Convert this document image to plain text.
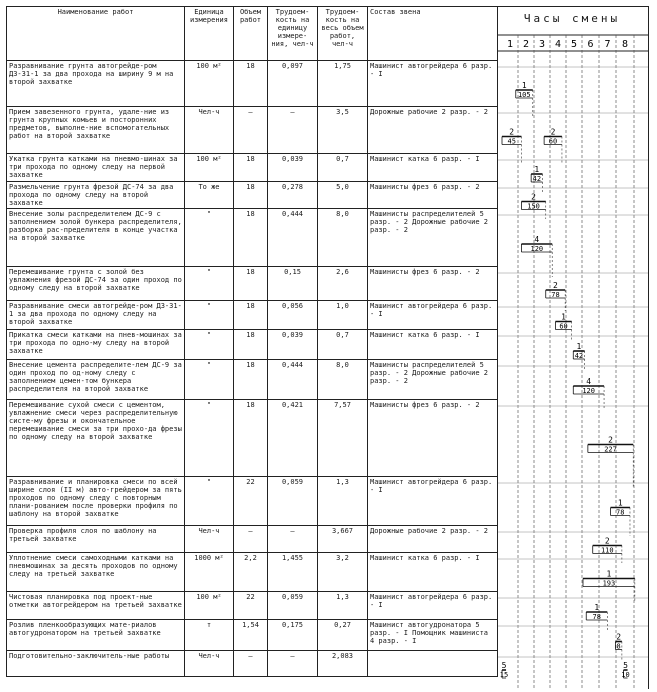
Наименование работ	Единица измерения	Объем работ	Трудоем-кость на единицу измере-ния, чел-ч	Трудоем-кость на весь объем работ, чел-ч	Состав звена
Разравнивание грунта автогрейде-ром ДЗ-31-1 за два прохода на ширину 9 м на второй захватке	100 м²	18	0,097	1,75	Машинист автогрейдера 6 разр. - I
Прием завезенного грунта, удале-ние из грунта крупных комьев и посторонних предметов, выполне-ние вспомогательных работ на второй захватке	Чел-ч	—	—	3,5	Дорожные рабочие 2 разр. - 2
Укатка грунта катками на пневмо-шинах за три прохода по одному следу на первой захватке	100 м²	18	0,039	0,7	Машинист катка 6 разр. - I
Размельчение грунта фрезой ДС-74 за два прохода по одному следу на второй захватке	То же	18	0,278	5,0	Машинисты фрез 6 разр. - 2
Внесение золы распределителем ДС-9 с заполнением золой бункера распределителя, разборка рас-пределителя в конце участка на второй захватке	"	18	0,444	8,0	Машинисты распределителей 5 разр. - 2 Дорожные рабочие 2 разр. - 2
Перемешивание грунта с золой без увлажнения фрезой ДС-74 за один проход по одному следу на второй захватке	"	18	0,15	2,6	Машинисты фрез 6 разр. - 2
Разравнивание смеси автогрейде-ром ДЗ-31-1 за два прохода по одному следу на второй захватке	"	18	0,056	1,0	Машинист автогрейдера 6 разр. - I
Прикатка смеси катками на пнев-мошинах за три прохода по одно-му следу на второй захватке	"	18	0,039	0,7	Машинист катка 6 разр. - I
Внесение цемента распределите-лем ДС-9 за один проход по од-ному следу с заполнением цемен-том бункера распределителя на второй захватке	"	18	0,444	8,0	Машинисты распределителей 5 разр. - 2 Дорожные рабочие 2 разр. - 2
Перемешивание сухой смеси с цементом, увлажнение смеси через распределительную систе-му фрезы и окончательное перемешивание смеси за три прохо-да фрезы по одному следу на второй захватке	"	18	0,421	7,57	Машинисты фрез 6 разр. - 2
Разравнивание и планировка смеси по всей ширине слоя (II м) авто-грейдером за пять проходов по одному следу с повторным плани-рованием после проверки профиля по шаблону на второй захватке	"	22	0,059	1,3	Машинист автогрейдера 6 разр. - I
Проверка профиля слоя по шаблону на третьей захватке	Чел-ч	—	—	3,667	Дорожные рабочие 2 разр. - 2
Уплотнение смеси самоходными катками на пневмошинах за десять проходов по одному следу на третьей захватке	1000 м²	2,2	1,455	3,2	Машинист катка 6 разр. - I
Чистовая планировка под проект-ные отметки автогрейдером на третьей захватке	100 м²	22	0,059	1,3	Машинист автогрейдера 6 разр. - I
Розлив пленкообразующих мате-риалов автогудронатором на третьей захватке	т	1,54	0,175	0,27	Машинист автогудронатора 5 разр. - I Помощник машиниста 4 разр. - I
Подготовительно-заключитель-ные работы	Чел-ч	—	—	2,083	
Часы смены
1 2 3 4 5 6 7 8
1
105
2
45
2
60
1
42
2
150
4
120
2
78
1
60
1
42
4
120
2
227
1
78
2
110
1
193
1
78
2
8
5
15
5
10
